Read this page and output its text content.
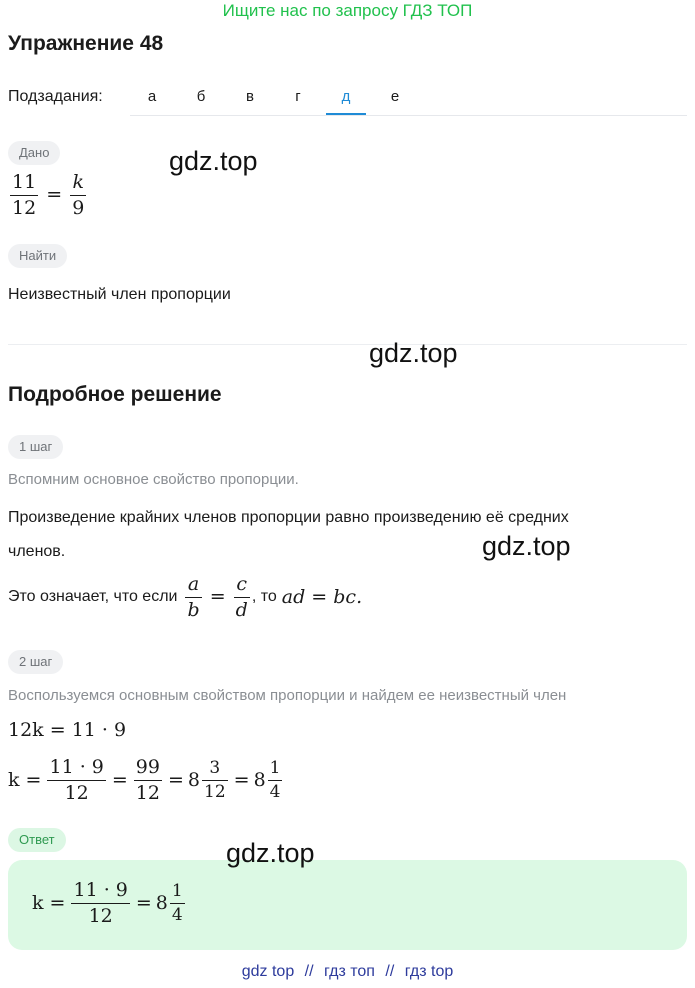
Ищите нас по запросу ГДЗ ТОП
Упражнение 48
Подзадания:	а	б	в	г	д	е
Дано
$\frac{11}{12} = \frac{k}{9}$
Найти
Неизвестный член пропорции
Подробное решение
1 шаг
Вспомним основное свойство пропорции.
Произведение крайних членов пропорции равно произведению её средних
членов.
Это означает, что если $\frac{a}{b} = \frac{c}{d}$ , то ad = bc.
2 шаг
Воспользуемся основным свойством пропорции и найдем ее неизвестный член
12k = 11 · 9
$k = \frac{11 \cdot 9}{12} = \frac{99}{12} = 8 \frac{3}{12} = 8 \frac{1}{4}$
Ответ
$k = \frac{11 \cdot 9}{12} = 8 \frac{1}{4}$
gdz.top
gdz.top
gdz.top
gdz.top
gdz top // гдз топ // гдз top
